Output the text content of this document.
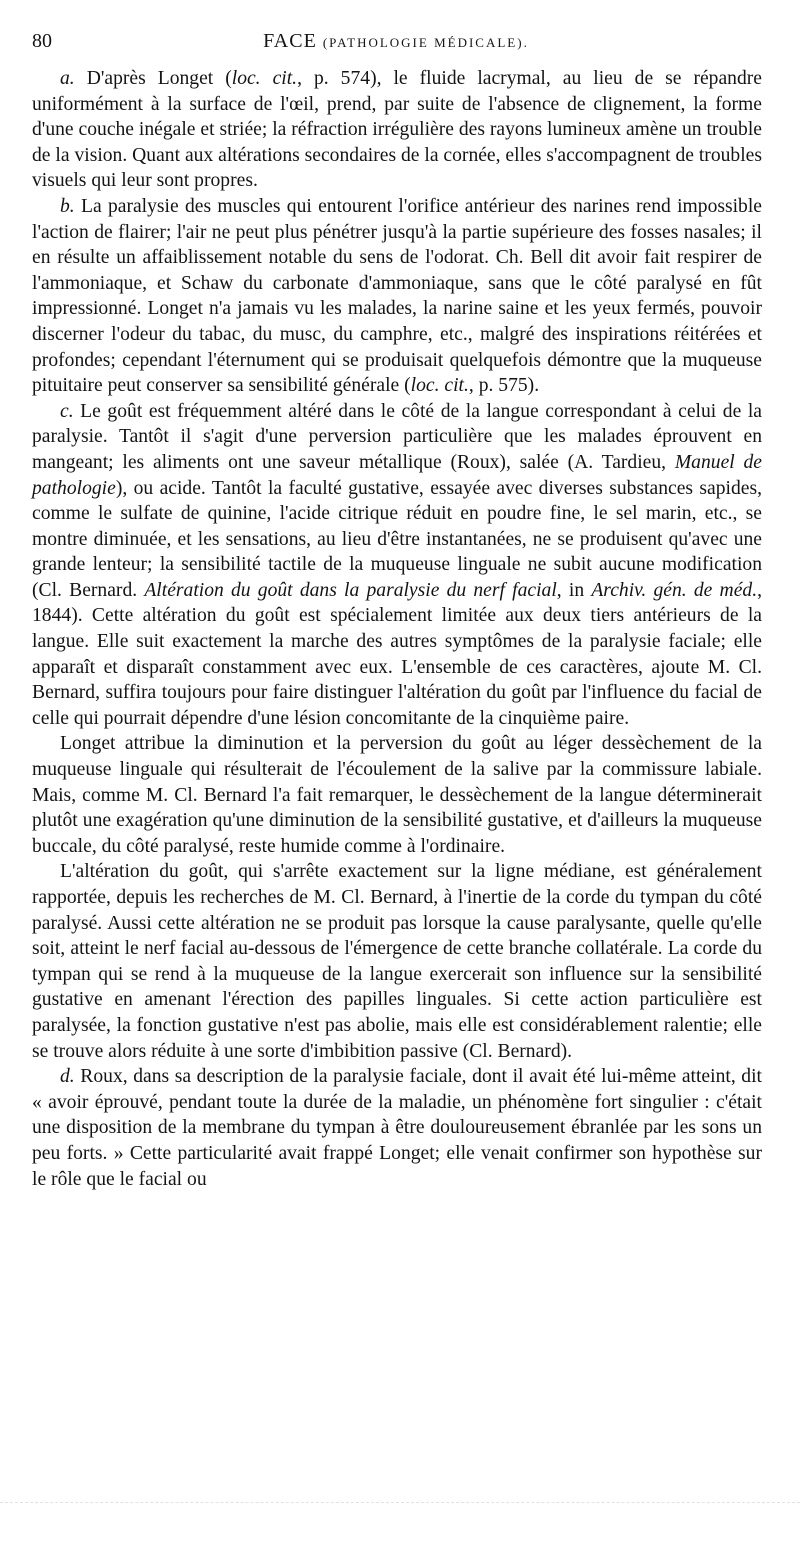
80	FACE (PATHOLOGIE MÉDICALE).

a. D'après Longet (loc. cit., p. 574), le fluide lacrymal, au lieu de se répandre uniformément à la surface de l'œil, prend, par suite de l'absence de clignement, la forme d'une couche inégale et striée; la réfraction irrégulière des rayons lumineux amène un trouble de la vision. Quant aux altérations secondaires de la cornée, elles s'accompagnent de troubles visuels qui leur sont propres.

b. La paralysie des muscles qui entourent l'orifice antérieur des narines rend impossible l'action de flairer; l'air ne peut plus pénétrer jusqu'à la partie supérieure des fosses nasales; il en résulte un affaiblissement notable du sens de l'odorat. Ch. Bell dit avoir fait respirer de l'ammoniaque, et Schaw du carbonate d'ammoniaque, sans que le côté paralysé en fût impressionné. Longet n'a jamais vu les malades, la narine saine et les yeux fermés, pouvoir discerner l'odeur du tabac, du musc, du camphre, etc., malgré des inspirations réitérées et profondes; cependant l'éternument qui se produisait quelquefois démontre que la muqueuse pituitaire peut conserver sa sensibilité générale (loc. cit., p. 575).

c. Le goût est fréquemment altéré dans le côté de la langue correspondant à celui de la paralysie. Tantôt il s'agit d'une perversion particulière que les malades éprouvent en mangeant; les aliments ont une saveur métallique (Roux), salée (A. Tardieu, Manuel de pathologie), ou acide. Tantôt la faculté gustative, essayée avec diverses substances sapides, comme le sulfate de quinine, l'acide citrique réduit en poudre fine, le sel marin, etc., se montre diminuée, et les sensations, au lieu d'être instantanées, ne se produisent qu'avec une grande lenteur; la sensibilité tactile de la muqueuse linguale ne subit aucune modification (Cl. Bernard. Altération du goût dans la paralysie du nerf facial, in Archiv. gén. de méd., 1844). Cette altération du goût est spécialement limitée aux deux tiers antérieurs de la langue. Elle suit exactement la marche des autres symptômes de la paralysie faciale; elle apparaît et disparaît constamment avec eux. L'ensemble de ces caractères, ajoute M. Cl. Bernard, suffira toujours pour faire distinguer l'altération du goût par l'influence du facial de celle qui pourrait dépendre d'une lésion concomitante de la cinquième paire.

Longet attribue la diminution et la perversion du goût au léger dessèchement de la muqueuse linguale qui résulterait de l'écoulement de la salive par la commissure labiale. Mais, comme M. Cl. Bernard l'a fait remarquer, le dessèchement de la langue déterminerait plutôt une exagération qu'une diminution de la sensibilité gustative, et d'ailleurs la muqueuse buccale, du côté paralysé, reste humide comme à l'ordinaire.

L'altération du goût, qui s'arrête exactement sur la ligne médiane, est généralement rapportée, depuis les recherches de M. Cl. Bernard, à l'inertie de la corde du tympan du côté paralysé. Aussi cette altération ne se produit pas lorsque la cause paralysante, quelle qu'elle soit, atteint le nerf facial au-dessous de l'émergence de cette branche collatérale. La corde du tympan qui se rend à la muqueuse de la langue exercerait son influence sur la sensibilité gustative en amenant l'érection des papilles linguales. Si cette action particulière est paralysée, la fonction gustative n'est pas abolie, mais elle est considérablement ralentie; elle se trouve alors réduite à une sorte d'imbibition passive (Cl. Bernard).

d. Roux, dans sa description de la paralysie faciale, dont il avait été lui-même atteint, dit « avoir éprouvé, pendant toute la durée de la maladie, un phénomène fort singulier : c'était une disposition de la membrane du tympan à être douloureusement ébranlée par les sons un peu forts. » Cette particularité avait frappé Longet; elle venait confirmer son hypothèse sur le rôle que le facial ou
